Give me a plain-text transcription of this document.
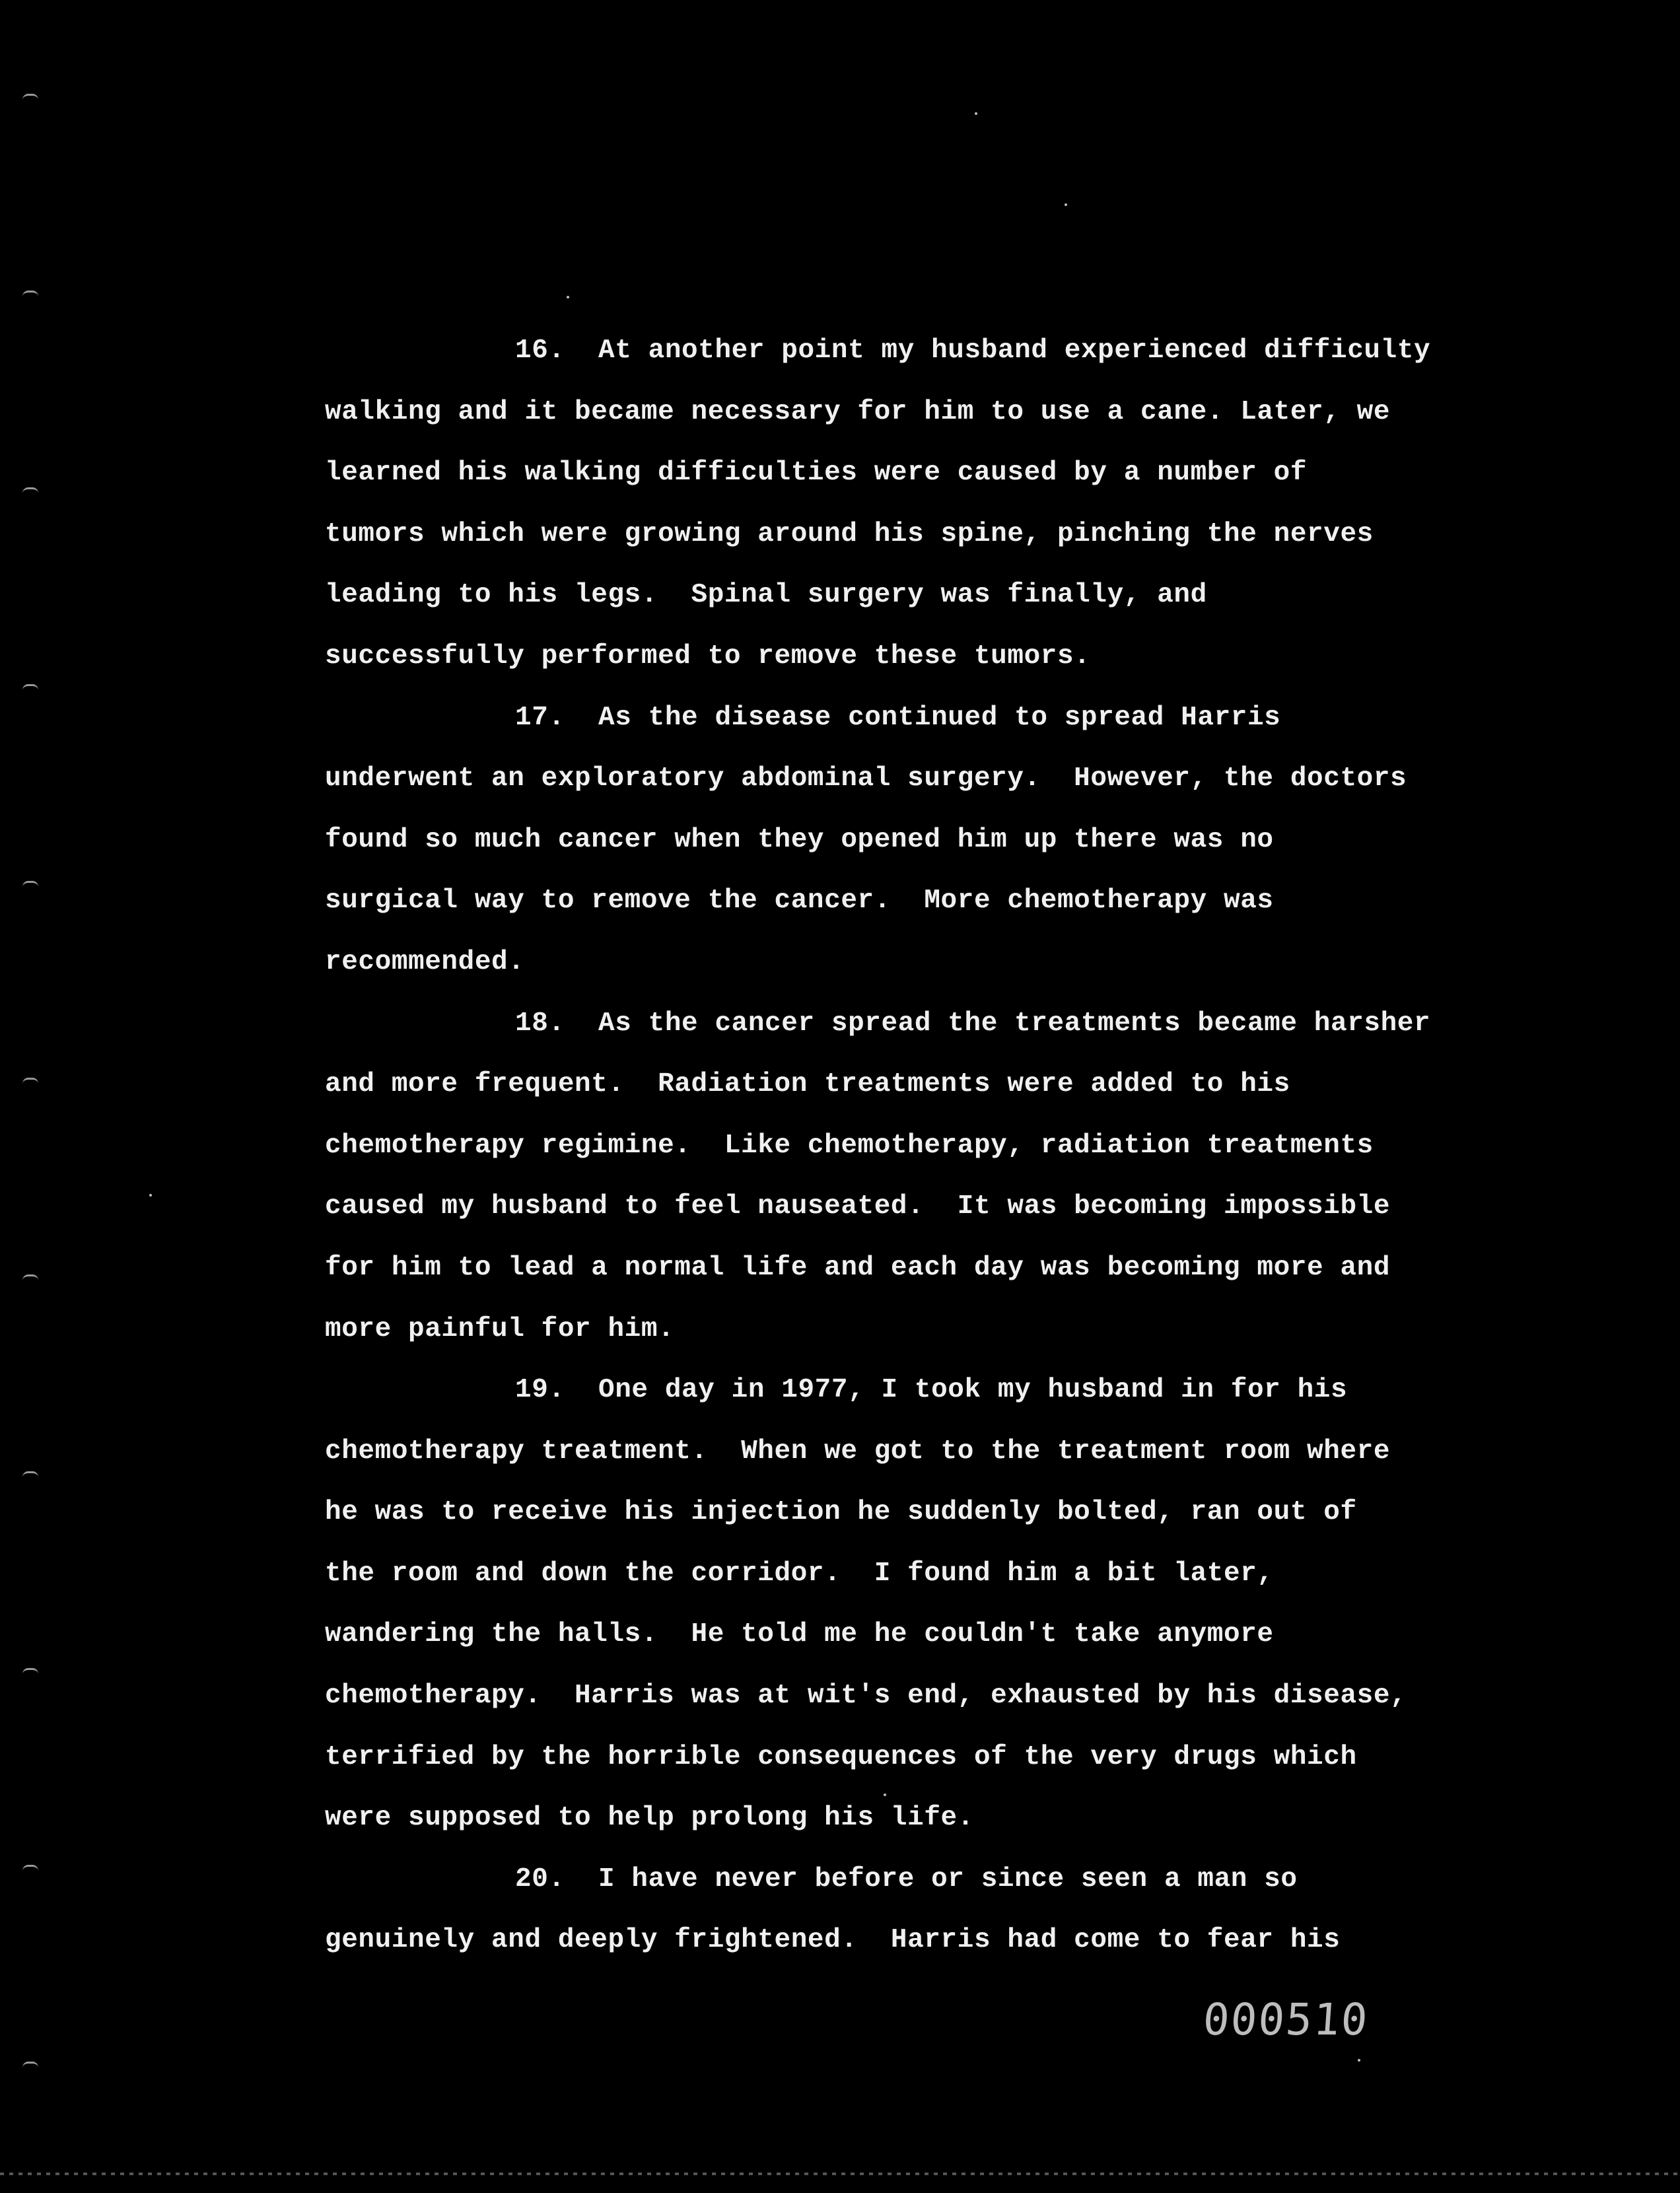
16.  At another point my husband experienced difficulty
walking and it became necessary for him to use a cane. Later, we
learned his walking difficulties were caused by a number of
tumors which were growing around his spine, pinching the nerves
leading to his legs.  Spinal surgery was finally, and
successfully performed to remove these tumors.
17.  As the disease continued to spread Harris
underwent an exploratory abdominal surgery.  However, the doctors
found so much cancer when they opened him up there was no
surgical way to remove the cancer.  More chemotherapy was
recommended.
18.  As the cancer spread the treatments became harsher
and more frequent.  Radiation treatments were added to his
chemotherapy regimine.  Like chemotherapy, radiation treatments
caused my husband to feel nauseated.  It was becoming impossible
for him to lead a normal life and each day was becoming more and
more painful for him.
19.  One day in 1977, I took my husband in for his
chemotherapy treatment.  When we got to the treatment room where
he was to receive his injection he suddenly bolted, ran out of
the room and down the corridor.  I found him a bit later,
wandering the halls.  He told me he couldn't take anymore
chemotherapy.  Harris was at wit's end, exhausted by his disease,
terrified by the horrible consequences of the very drugs which
were supposed to help prolong his life.
20.  I have never before or since seen a man so
genuinely and deeply frightened.  Harris had come to fear his
000510
